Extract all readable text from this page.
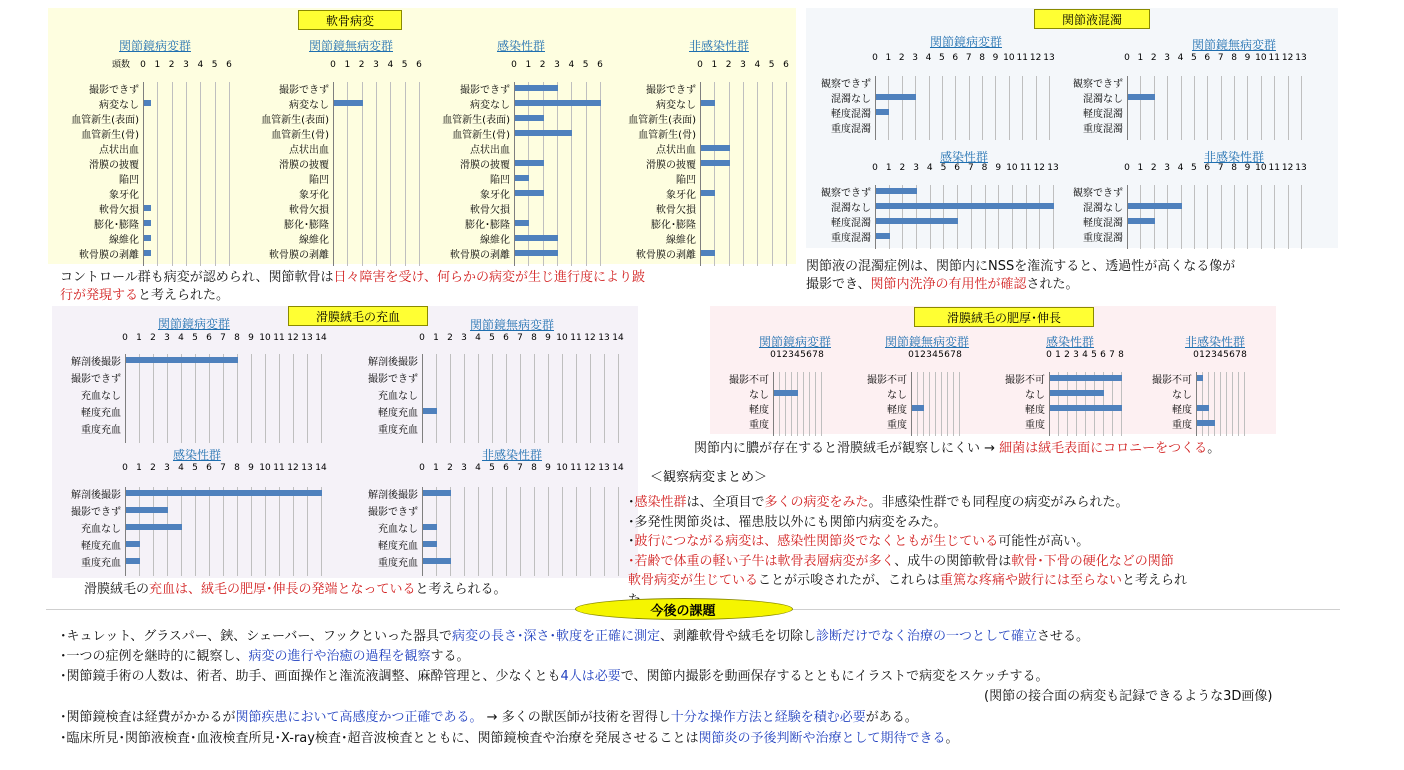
軟骨病変	関節液混濁
滑膜絨毛の充血	滑膜絨毛の肥厚･伸長
頭数
関節鏡病変群
0 1 2 3 4 5 6
撮影できず
病変なし
血管新生(表面)
血管新生(骨)
点状出血
滑膜の披覆
陥凹
象牙化
軟骨欠損
膨化･膨隆
線維化
軟骨膜の剥離
関節鏡無病変群
0 1 2 3 4 5 6
撮影できず
病変なし
血管新生(表面)
血管新生(骨)
点状出血
滑膜の披覆
陥凹
象牙化
軟骨欠損
膨化･膨隆
線維化
軟骨膜の剥離
感染性群
0 1 2 3 4 5 6
撮影できず
病変なし
血管新生(表面)
血管新生(骨)
点状出血
滑膜の披覆
陥凹
象牙化
軟骨欠損
膨化･膨隆
線維化
軟骨膜の剥離
非感染性群
0 1 2 3 4 5 6
撮影できず
病変なし
血管新生(表面)
血管新生(骨)
点状出血
滑膜の披覆
陥凹
象牙化
軟骨欠損
膨化･膨隆
線維化
軟骨膜の剥離
関節鏡病変群
0 1 2 3 4 5 6 7 8 9 10 11 12 13
観察できず
混濁なし
軽度混濁
重度混濁
関節鏡無病変群
0 1 2 3 4 5 6 7 8 9 10 11 12 13
観察できず
混濁なし
軽度混濁
重度混濁
感染性群
0 1 2 3 4 5 6 7 8 9 10 11 12 13
観察できず
混濁なし
軽度混濁
重度混濁
非感染性群
0 1 2 3 4 5 6 7 8 9 10 11 12 13
観察できず
混濁なし
軽度混濁
重度混濁
関節鏡病変群
0 1 2 3 4 5 6 7 8 9 10 11 12 13 14
解剖後撮影
撮影できず
充血なし
軽度充血
重度充血
関節鏡無病変群
0 1 2 3 4 5 6 7 8 9 10 11 12 13 14
解剖後撮影
撮影できず
充血なし
軽度充血
重度充血
感染性群
0 1 2 3 4 5 6 7 8 9 10 11 12 13 14
解剖後撮影
撮影できず
充血なし
軽度充血
重度充血
非感染性群
0 1 2 3 4 5 6 7 8 9 10 11 12 13 14
解剖後撮影
撮影できず
充血なし
軽度充血
重度充血
関節鏡病変群
0 1 2 3 4 5 6 7 8
撮影不可
なし
軽度
重度
関節鏡無病変群
0 1 2 3 4 5 6 7 8
撮影不可
なし
軽度
重度
感染性群
0 1 2 3 4 5 6 7 8
撮影不可
なし
軽度
重度
非感染性群
0 1 2 3 4 5 6 7 8
撮影不可
なし
軽度
重度
コントロール群も病変が認められ、関節軟骨は日々障害を受け、何らかの病変が生じ進行度により跛
行が発現すると考えられた。
関節液の混濁症例は、関節内にNSSを潅流すると、透過性が高くなる像が
撮影でき、関節内洗浄の有用性が確認された。
滑膜絨毛の充血は、絨毛の肥厚･伸長の発端となっていると考えられる。
関節内に膿が存在すると滑膜絨毛が観察しにくい → 細菌は絨毛表面にコロニーをつくる。
＜観察病変まとめ＞
･感染性群は、全項目で多くの病変をみた。非感染性群でも同程度の病変がみられた。
･多発性関節炎は、罹患肢以外にも関節内病変をみた。
･跛行につながる病変は、感染性関節炎でなくともが生じている可能性が高い。
･若齢で体重の軽い子牛は軟骨表層病変が多く、成牛の関節軟骨は軟骨･下骨の硬化などの関節
軟骨病変が生じていることが示唆されたが、これらは重篤な疼痛や跛行には至らないと考えられ
今後の課題
･キュレット、グラスパー、鋏、シェーバー、フックといった器具で病変の長さ･深さ･軟度を正確に測定、剥離軟骨や絨毛を切除し診断だけでなく治療の一つとして確立させる。
･一つの症例を継時的に観察し、病変の進行や治癒の過程を観察する。
･関節鏡手術の人数は、術者、助手、画面操作と潅流液調整、麻酔管理と、少なくとも4人は必要で、関節内撮影を動画保存するとともにイラストで病変をスケッチする。
(関節の接合面の病変も記録できるような3D画像)
･関節鏡検査は経費がかかるが関節疾患において高感度かつ正確である。 → 多くの獣医師が技術を習得し十分な操作方法と経験を積む必要がある。
･臨床所見･関節液検査･血液検査所見･X-ray検査･超音波検査とともに、関節鏡検査や治療を発展させることは関節炎の予後判断や治療として期待できる。
